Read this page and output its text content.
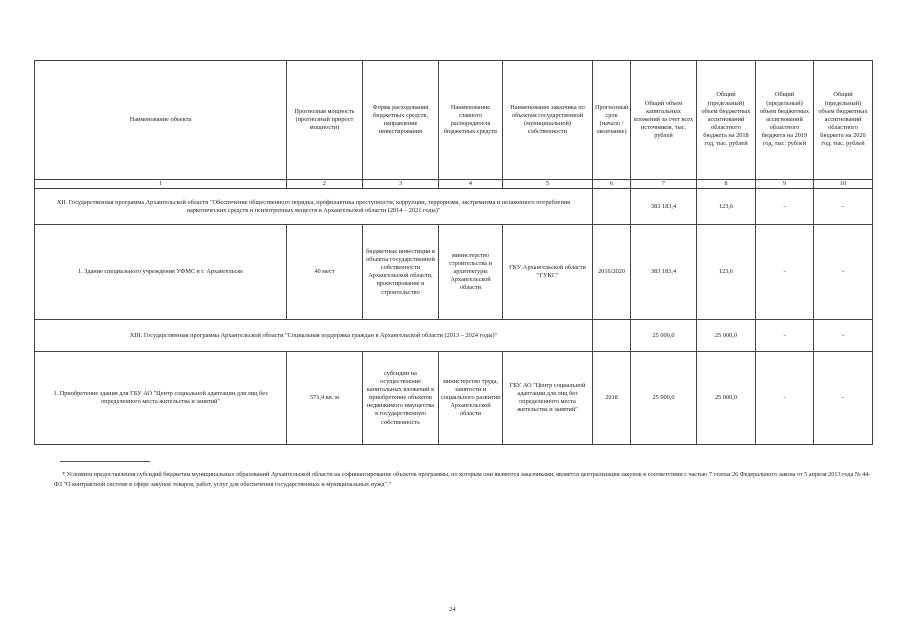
Наименование объекта	Прогнозная мощность (прогнозный прирост мощности)	Форма расходования бюджетных средств, направление инвестирования	Наименование главного распорядителя бюджетных средств	Наименование заказчика по объектам государственной (муниципальной) собственности	Прогнозный срок (начало / окончание)	Общий объем капитальных вложений за счет всех источников, тыс. рублей	Общий (предельный) объем бюджетных ассигнований областного бюджета на 2018 год, тыс. рублей	Общий (предельный) объем бюджетных ассигнований областного бюджета на 2019 год, тыс. рублей	Общий (предельный) объем бюджетных ассигнований областного бюджета на 2020 год, тыс. рублей
1	2	3	4	5	6	7	8	9	10
XII. Государственная программа Архангельской области "Обеспечение общественного порядка, профилактика преступности, коррупции, терроризма, экстремизма и незаконного потребления наркотических средств и психотропных веществ в Архангельской области (2014 – 2021 годы)"						383 183,4	123,6	-	-
1. Здание специального учреждения УФМС в г. Архангельске	40 мест	бюджетные инвестиции в объекты государственной собственности Архангельской области, проектирование и строительство	министерство строительства и архитектуры Архангельской области	ГКУ Архангельской области "ГУКС"	2016/2020	383 183,4	123,6	-	-
XIII. Государственная программа Архангельской области "Социальная поддержка граждан в Архангельской области (2013 – 2024 годы)"						25 000,0	25 000,0	-	-
1. Приобретение здания для ГБУ АО "Центр социальной адаптации для лиц без определенного места жительства и занятий"	571,4 кв. м	субсидии на осуществление капитальных вложений в приобретение объектов недвижимого имущества в государственную собственность	министерство труда, занятости и социального развития Архангельской области	ГБУ АО "Центр социальной адаптации для лиц без определенного места жительства и занятий"	2018	25 000,0	25 000,0	-	-
* Условием предоставления субсидий бюджетам муниципальных образований Архангельской области на софинансирование объектов программы, по которым они являются заказчиками, является централизация закупок в соответствии с частью 7 статьи 26 Федерального закона от 5 апреля 2013 года № 44-ФЗ "О контрактной системе в сфере закупок товаров, работ, услуг для обеспечения государственных и муниципальных нужд"."
24
